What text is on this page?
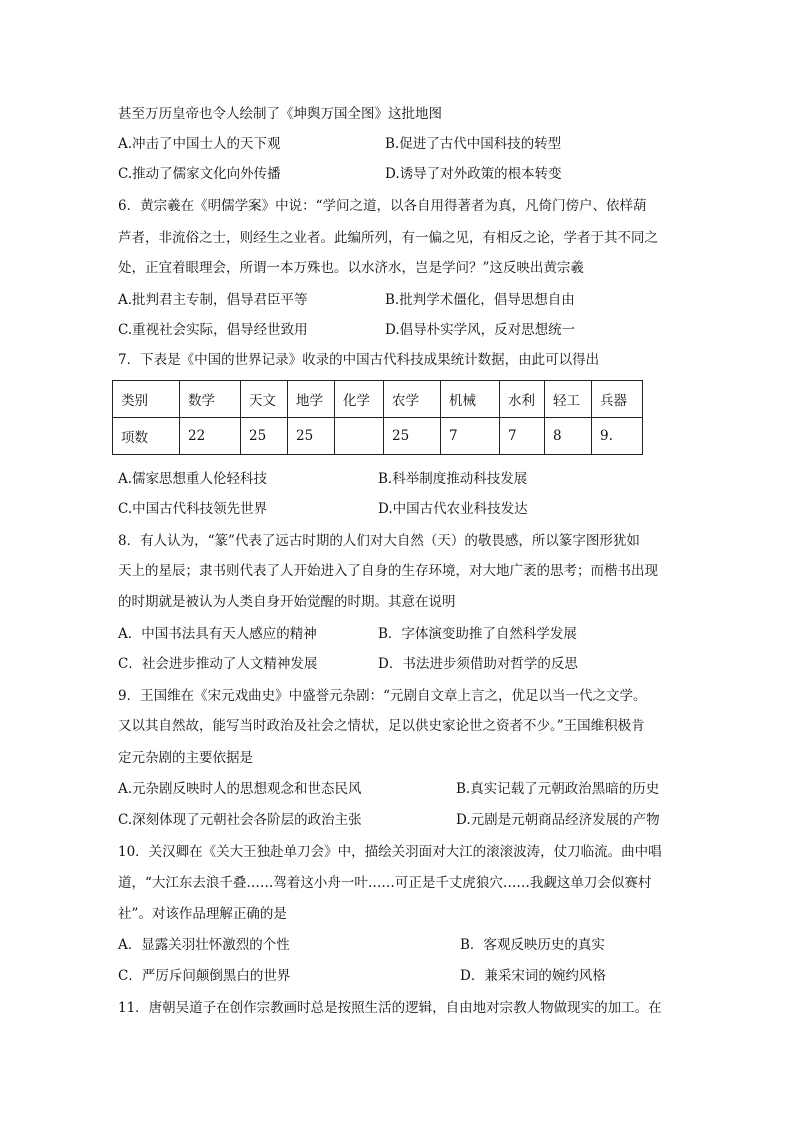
甚至万历皇帝也令人绘制了《坤舆万国全图》这批地图
A.冲击了中国士人的天下观	B.促进了古代中国科技的转型
C.推动了儒家文化向外传播	D.诱导了对外政策的根本转变
6．黄宗羲在《明儒学案》中说：“学问之道，以各自用得著者为真，凡倚门傍户、依样葫
芦者，非流俗之士，则经生之业者。此编所列，有一偏之见，有相反之论，学者于其不同之
处，正宜着眼理会，所谓一本万殊也。以水济水，岂是学问？”这反映出黄宗羲
A.批判君主专制，倡导君臣平等	B.批判学术僵化，倡导思想自由
C.重视社会实际，倡导经世致用	D.倡导朴实学风，反对思想统一
7．下表是《中国的世界记录》收录的中国古代科技成果统计数据，由此可以得出
类别	数学	天文	地学	化学	农学	机械	水利	轻工	兵器
项数	22	25	25		25	7	7	8	9.
A.儒家思想重人伦轻科技	B.科举制度推动科技发展
C.中国古代科技领先世界	D.中国古代农业科技发达
8．有人认为，“篆”代表了远古时期的人们对大自然（天）的敬畏感，所以篆字图形犹如
天上的星辰；隶书则代表了人开始进入了自身的生存环境，对大地广袤的思考；而楷书出现
的时期就是被认为人类自身开始觉醒的时期。其意在说明
A．中国书法具有天人感应的精神	B．字体演变助推了自然科学发展
C．社会进步推动了人文精神发展	D．书法进步须借助对哲学的反思
9．王国维在《宋元戏曲史》中盛誉元杂剧：“元剧自文章上言之，优足以当一代之文学。
又以其自然故，能写当时政治及社会之情状，足以供史家论世之资者不少。”王国维积极肯
定元杂剧的主要依据是
A.元杂剧反映时人的思想观念和世态民风	B.真实记载了元朝政治黑暗的历史
C.深刻体现了元朝社会各阶层的政治主张	D.元剧是元朝商品经济发展的产物
10．关汉卿在《关大王独赴单刀会》中，描绘关羽面对大江的滚滚波涛，仗刀临流。曲中唱
道，“大江东去浪千叠……驾着这小舟一叶……可正是千丈虎狼穴……我觑这单刀会似赛村
社”。对该作品理解正确的是
A．显露关羽壮怀激烈的个性	B．客观反映历史的真实
C．严厉斥问颠倒黑白的世界	D．兼采宋词的婉约风格
11．唐朝吴道子在创作宗教画时总是按照生活的逻辑，自由地对宗教人物做现实的加工。在
